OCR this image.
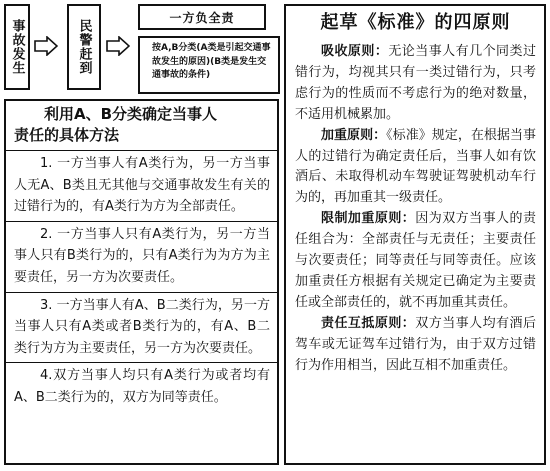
事故发生	民警赶到
一方负全责
按A,B分类(A类是引起交通事故发生的原因)(B类是发生交通事故的条件)
利用A、B分类确定当事人
责任的具体方法
1. 一方当事人有A类行为，另一方当事人无A、B类且无其他与交通事故发生有关的过错行为的，有A类行为方为全部责任。
2. 一方当事人只有A类行为，另一方当事人只有B类行为的，只有A类行为为方为主要责任，另一方为次要责任。
3. 一方当事人有A、B二类行为，另一方当事人只有A类或者B类行为的，有A、B二类行为方为主要责任，另一方为次要责任。
4.双方当事人均只有A类行为或者均有A、B二类行为的，双方为同等责任。
起草《标准》的四原则

吸收原则：无论当事人有几个同类过错行为，均视其只有一类过错行为，只考虑行为的性质而不考虑行为的绝对数量，不适用机械累加。

加重原则：《标准》规定，在根据当事人的过错行为确定责任后，当事人如有饮酒后、未取得机动车驾驶证驾驶机动车行为的，再加重其一级责任。

限制加重原则：因为双方当事人的责任组合为：全部责任与无责任；主要责任与次要责任；同等责任与同等责任。应该加重责任方根据有关规定已确定为主要责任或全部责任的，就不再加重其责任。

责任互抵原则：双方当事人均有酒后驾车或无证驾车过错行为，由于双方过错行为作用相当，因此互相不加重责任。
